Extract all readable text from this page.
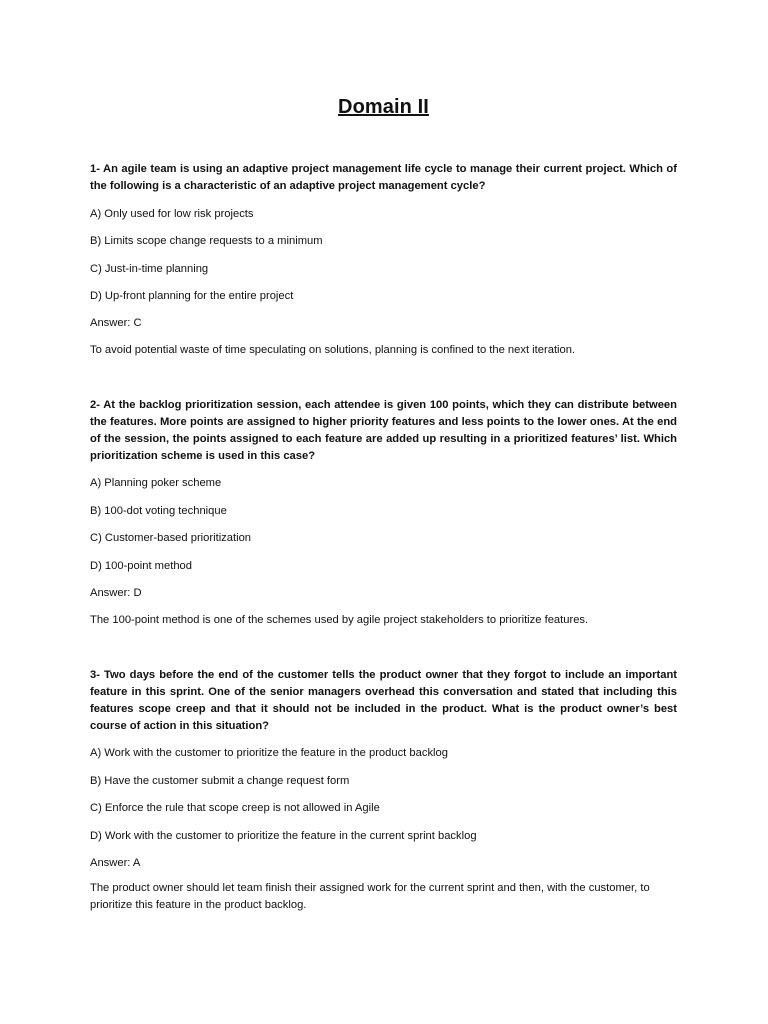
Domain II

1- An agile team is using an adaptive project management life cycle to manage their current project. Which of the following is a characteristic of an adaptive project management cycle?

A) Only used for low risk projects

B) Limits scope change requests to a minimum

C) Just-in-time planning

D) Up-front planning for the entire project

Answer: C

To avoid potential waste of time speculating on solutions, planning is confined to the next iteration.

2- At the backlog prioritization session, each attendee is given 100 points, which they can distribute between the features. More points are assigned to higher priority features and less points to the lower ones. At the end of the session, the points assigned to each feature are added up resulting in a prioritized features’ list. Which prioritization scheme is used in this case?

A) Planning poker scheme

B) 100-dot voting technique

C) Customer-based prioritization

D) 100-point method

Answer: D

The 100-point method is one of the schemes used by agile project stakeholders to prioritize features.

3- Two days before the end of the customer tells the product owner that they forgot to include an important feature in this sprint. One of the senior managers overhead this conversation and stated that including this features scope creep and that it should not be included in the product. What is the product owner’s best course of action in this situation?

A) Work with the customer to prioritize the feature in the product backlog

B) Have the customer submit a change request form

C) Enforce the rule that scope creep is not allowed in Agile

D) Work with the customer to prioritize the feature in the current sprint backlog

Answer: A

The product owner should let team finish their assigned work for the current sprint and then, with the customer, to prioritize this feature in the product backlog.
